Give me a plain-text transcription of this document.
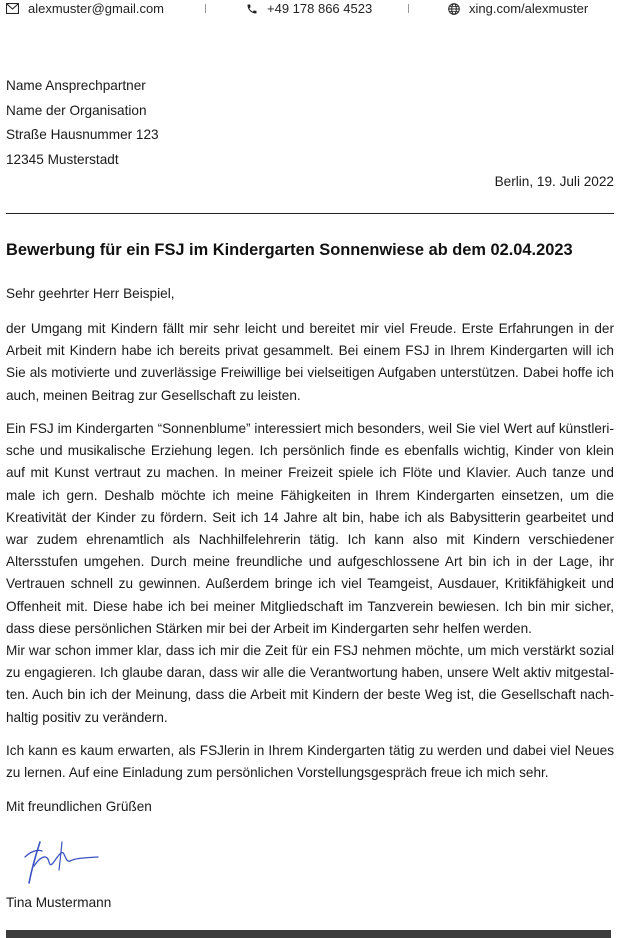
alexmuster@gmail.com	+49 178 866 4523	xing.com/alexmuster
Name Ansprechpartner
Name der Organisation
Straße Hausnummer 123
12345 Musterstadt
Berlin, 19. Juli 2022
Bewerbung für ein FSJ im Kindergarten Sonnenwiese ab dem 02.04.2023
Sehr geehrter Herr Beispiel,
der Umgang mit Kindern fällt mir sehr leicht und bereitet mir viel Freude. Erste Erfahrungen in der Arbeit mit Kindern habe ich bereits privat gesammelt. Bei einem FSJ in Ihrem Kindergarten will ich Sie als motivierte und zuverlässige Freiwillige bei vielseitigen Aufgaben unterstützen. Dabei hoffe ich auch, meinen Beitrag zur Gesellschaft zu leisten.
Ein FSJ im Kindergarten “Sonnenblume” interessiert mich besonders, weil Sie viel Wert auf künstlerische und musikalische Erziehung legen. Ich persönlich finde es ebenfalls wichtig, Kinder von klein auf mit Kunst vertraut zu machen. In meiner Freizeit spiele ich Flöte und Klavier. Auch tanze und male ich gern. Deshalb möchte ich meine Fähigkeiten in Ihrem Kindergarten einsetzen, um die Kreativität der Kinder zu fördern. Seit ich 14 Jahre alt bin, habe ich als Babysitterin gearbeitet und war zudem ehrenamtlich als Nachhilfelehrerin tätig. Ich kann also mit Kindern verschiedener Altersstufen umgehen. Durch meine freundliche und aufgeschlossene Art bin ich in der Lage, ihr Vertrauen schnell zu gewinnen. Außerdem bringe ich viel Teamgeist, Ausdauer, Kritikfähigkeit und Offenheit mit. Diese habe ich bei meiner Mitgliedschaft im Tanzverein bewiesen. Ich bin mir sicher, dass diese persönlichen Stärken mir bei der Arbeit im Kindergarten sehr helfen werden.
Mir war schon immer klar, dass ich mir die Zeit für ein FSJ nehmen möchte, um mich verstärkt sozial zu engagieren. Ich glaube daran, dass wir alle die Verantwortung haben, unsere Welt aktiv mitgestalten. Auch bin ich der Meinung, dass die Arbeit mit Kindern der beste Weg ist, die Gesellschaft nachhaltig positiv zu verändern.
Ich kann es kaum erwarten, als FSJlerin in Ihrem Kindergarten tätig zu werden und dabei viel Neues zu lernen. Auf eine Einladung zum persönlichen Vorstellungsgespräch freue ich mich sehr.
Mit freundlichen Grüßen
Tina Mustermann
